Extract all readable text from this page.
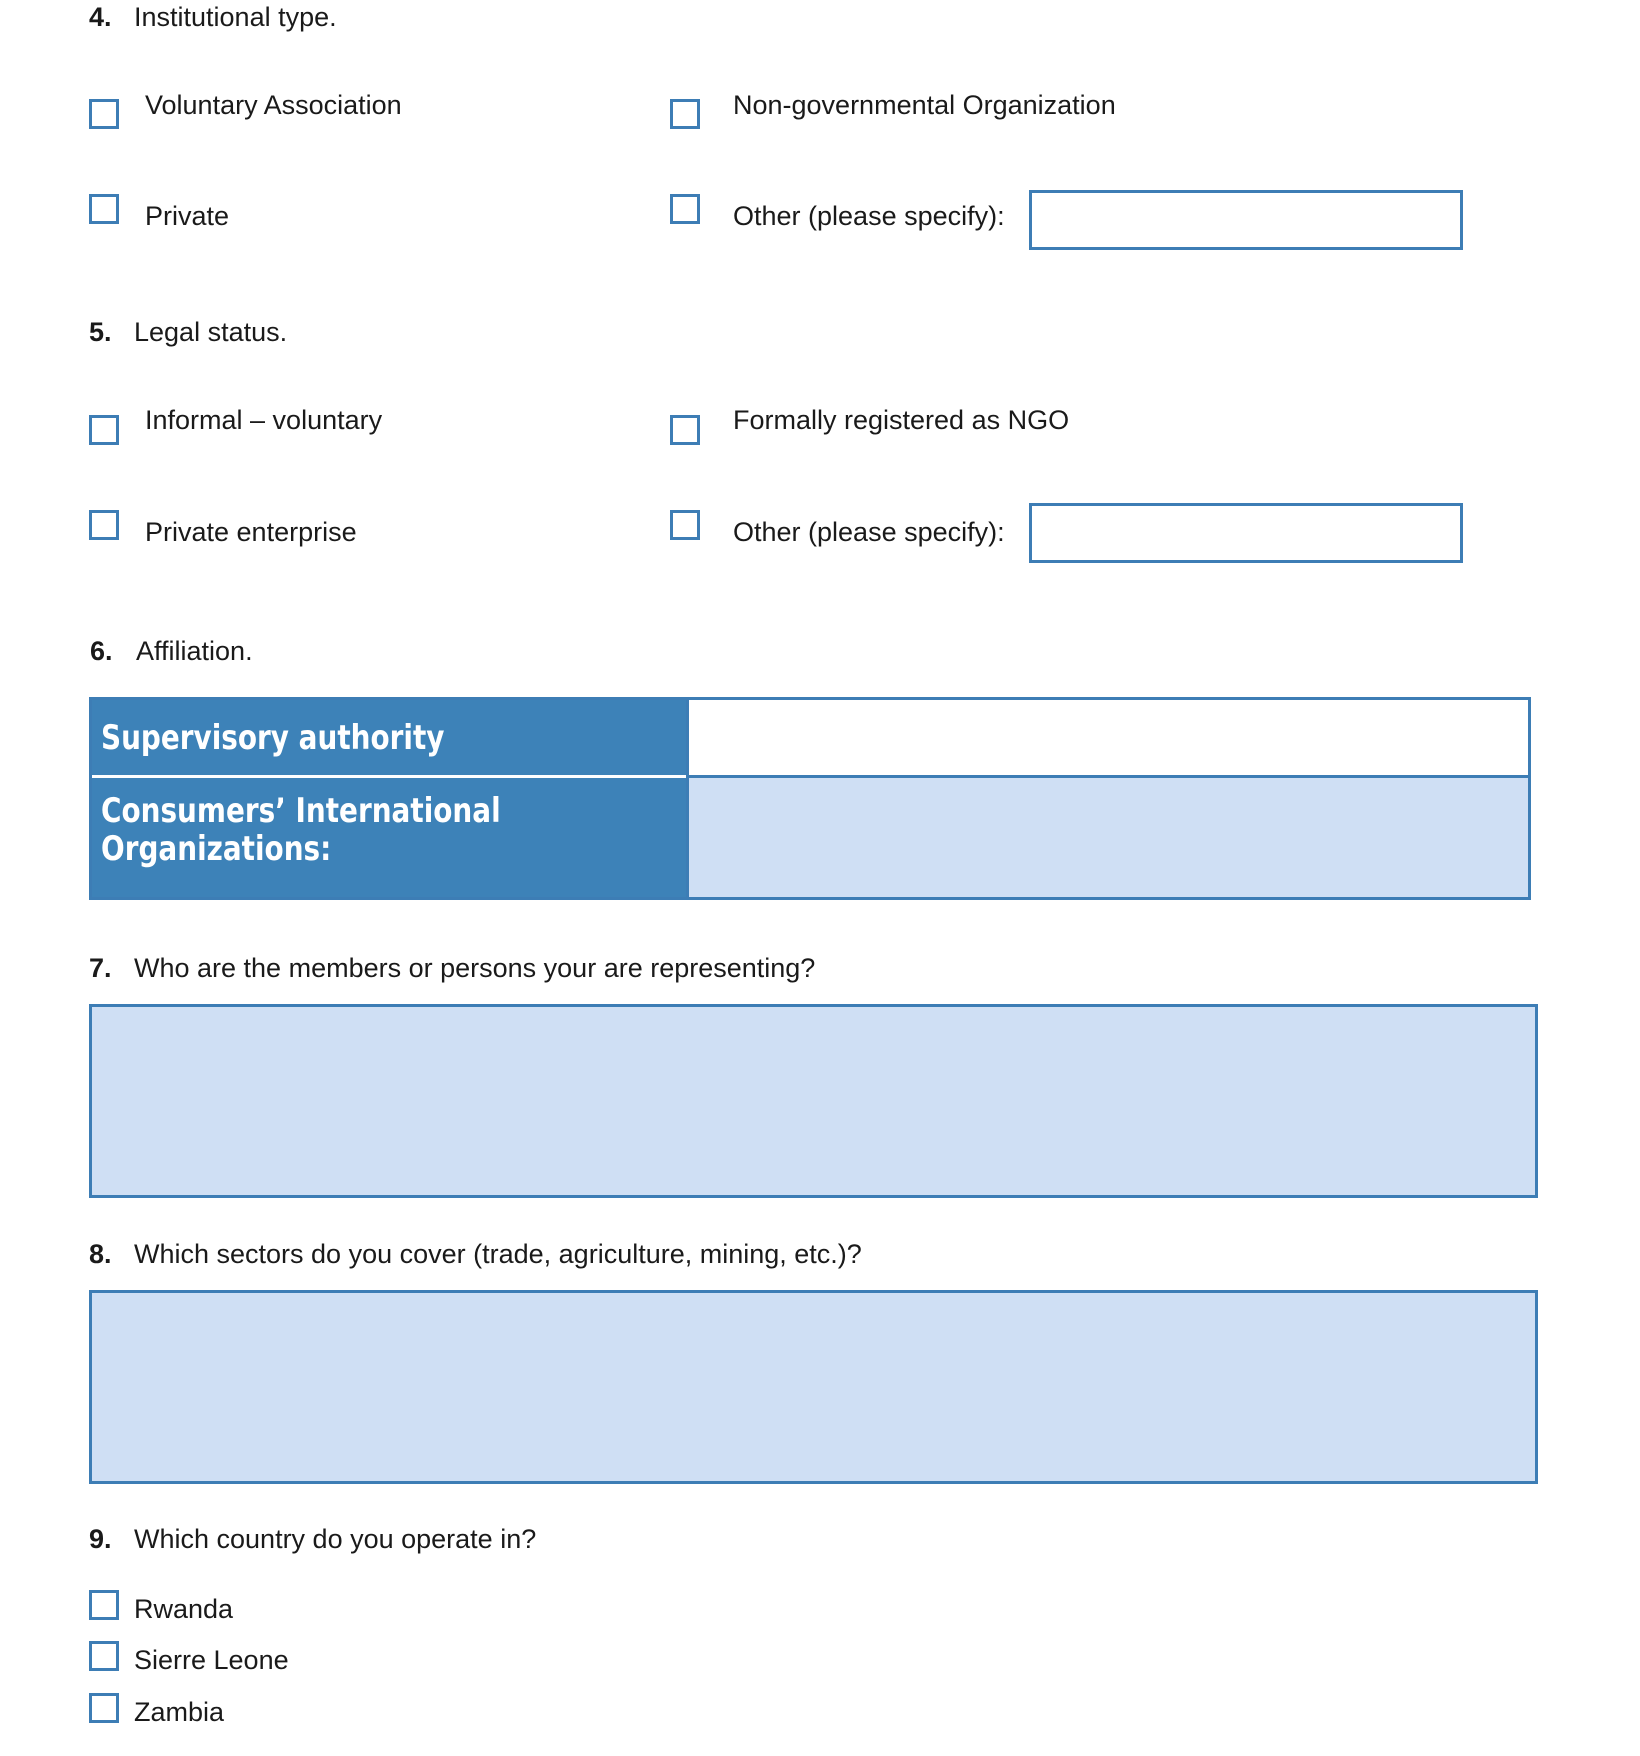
4. Institutional type.
Voluntary Association	Non-governmental Organization
Private	Other (please specify):
5. Legal status.
Informal – voluntary	Formally registered as NGO
Private enterprise	Other (please specify):
6. Affiliation.
Supervisory authority
Consumers’ International
Organizations:
7. Who are the members or persons your are representing?
8. Which sectors do you cover (trade, agriculture, mining, etc.)?
9. Which country do you operate in?
Rwanda
Sierre Leone
Zambia
